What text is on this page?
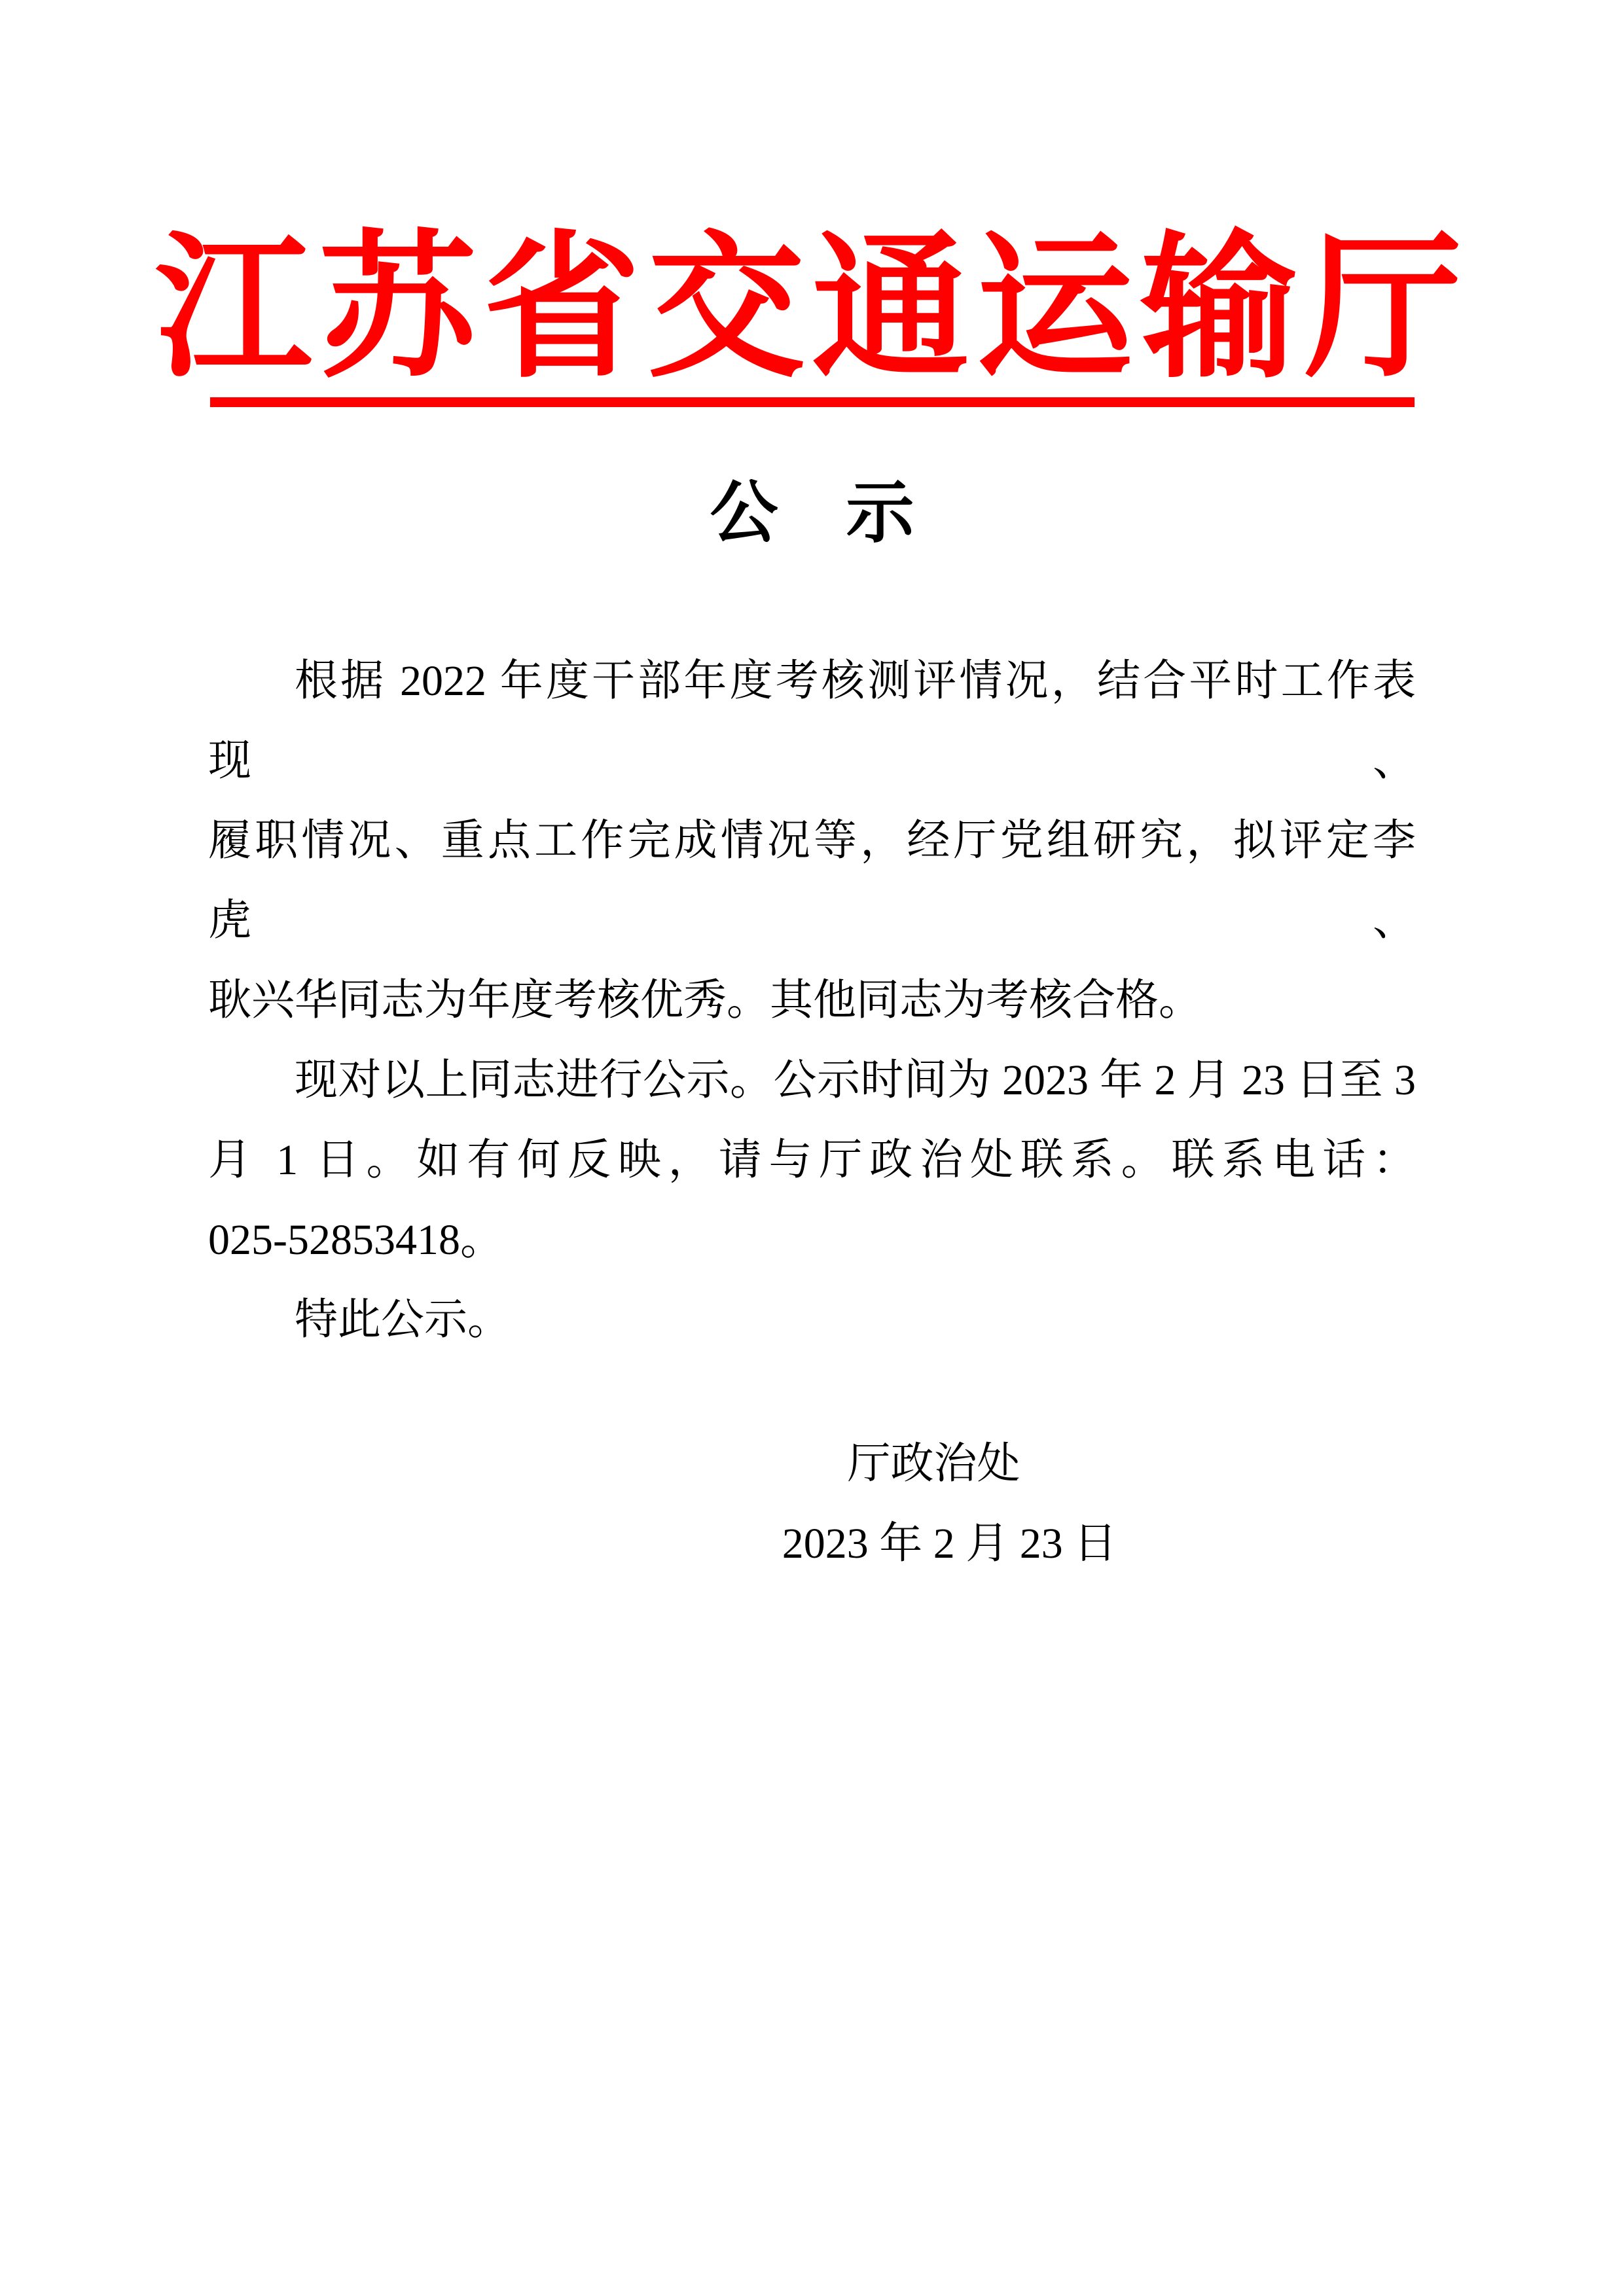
江苏省交通运输厅
公　示
根据 2022 年度干部年度考核测评情况，结合平时工作表现、
履职情况、重点工作完成情况等，经厅党组研究，拟评定李虎、
耿兴华同志为年度考核优秀。其他同志为考核合格。
现对以上同志进行公示。公示时间为 2023 年 2 月 23 日至 3
月 1 日。如有何反映，请与厅政治处联系。联系电话：
025-52853418。
特此公示。
厅政治处
2023 年 2 月 23 日
